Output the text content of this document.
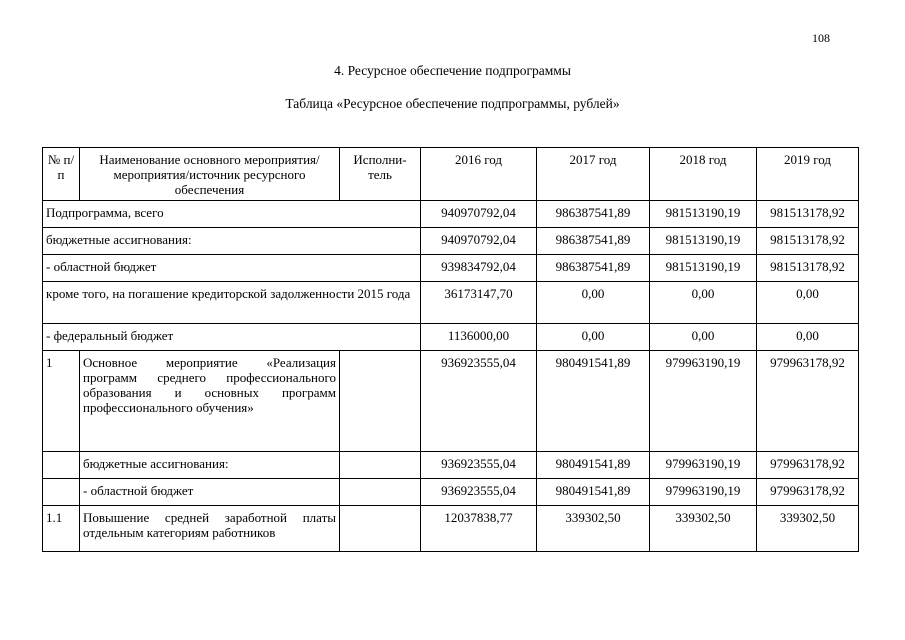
108
4. Ресурсное обеспечение подпрограммы
Таблица «Ресурсное обеспечение подпрограммы, рублей»
№ п/п	Наименование основного мероприятия/мероприятия/источник ресурсного обеспечения	Исполни- тель	2016 год	2017 год	2018 год	2019 год
Подпрограмма, всего			940970792,04	986387541,89	981513190,19	981513178,92
бюджетные ассигнования:			940970792,04	986387541,89	981513190,19	981513178,92
- областной бюджет			939834792,04	986387541,89	981513190,19	981513178,92
кроме того, на погашение кредиторской задолженности 2015 года			36173147,70	0,00	0,00	0,00
- федеральный бюджет			1136000,00	0,00	0,00	0,00
1	Основное мероприятие «Реализация программ среднего профессионального образования и основных программ профессионального обучения»		936923555,04	980491541,89	979963190,19	979963178,92
	бюджетные ассигнования:		936923555,04	980491541,89	979963190,19	979963178,92
	- областной бюджет		936923555,04	980491541,89	979963190,19	979963178,92
1.1	Повышение средней заработной платы отдельным категориям работников		12037838,77	339302,50	339302,50	339302,50
